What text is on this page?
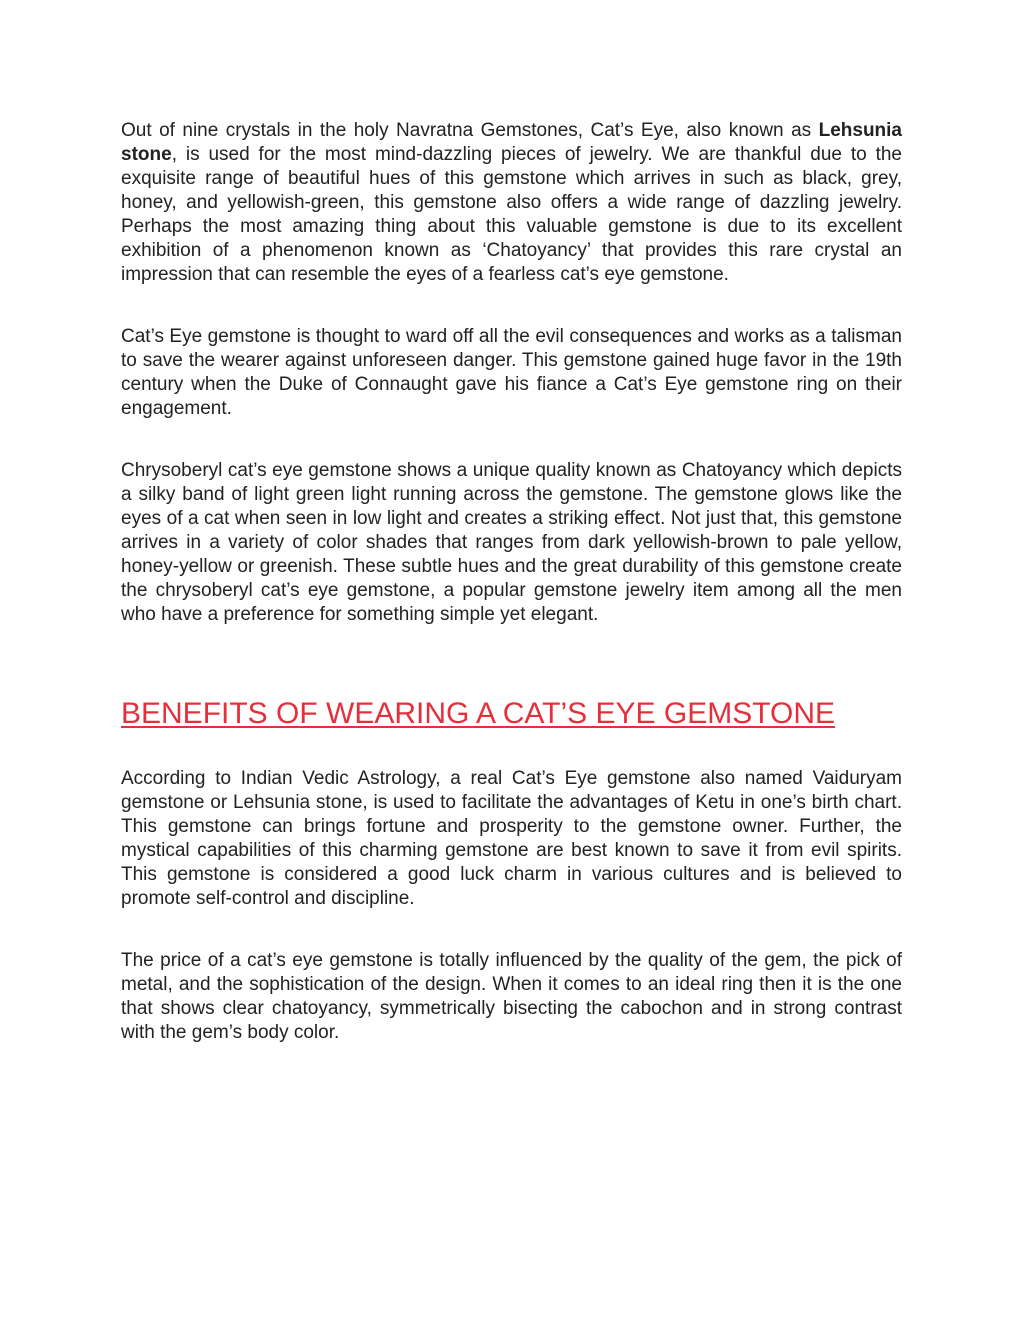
Out of nine crystals in the holy Navratna Gemstones, Cat’s Eye, also known as Lehsunia stone, is used for the most mind-dazzling pieces of jewelry. We are thankful due to the exquisite range of beautiful hues of this gemstone which arrives in such as black, grey, honey, and yellowish-green, this gemstone also offers a wide range of dazzling jewelry. Perhaps the most amazing thing about this valuable gemstone is due to its excellent exhibition of a phenomenon known as ‘Chatoyancy’ that provides this rare crystal an impression that can resemble the eyes of a fearless cat’s eye gemstone.

Cat’s Eye gemstone is thought to ward off all the evil consequences and works as a talisman to save the wearer against unforeseen danger. This gemstone gained huge favor in the 19th century when the Duke of Connaught gave his fiance a Cat’s Eye gemstone ring on their engagement.

Chrysoberyl cat’s eye gemstone shows a unique quality known as Chatoyancy which depicts a silky band of light green light running across the gemstone. The gemstone glows like the eyes of a cat when seen in low light and creates a striking effect. Not just that, this gemstone arrives in a variety of color shades that ranges from dark yellowish-brown to pale yellow, honey-yellow or greenish. These subtle hues and the great durability of this gemstone create the chrysoberyl cat’s eye gemstone, a popular gemstone jewelry item among all the men who have a preference for something simple yet elegant.

BENEFITS OF WEARING A CAT’S EYE GEMSTONE

According to Indian Vedic Astrology, a real Cat’s Eye gemstone also named Vaiduryam gemstone or Lehsunia stone, is used to facilitate the advantages of Ketu in one’s birth chart. This gemstone can brings fortune and prosperity to the gemstone owner. Further, the mystical capabilities of this charming gemstone are best known to save it from evil spirits. This gemstone is considered a good luck charm in various cultures and is believed to promote self-control and discipline.

The price of a cat’s eye gemstone is totally influenced by the quality of the gem, the pick of metal, and the sophistication of the design. When it comes to an ideal ring then it is the one that shows clear chatoyancy, symmetrically bisecting the cabochon and in strong contrast with the gem’s body color.
